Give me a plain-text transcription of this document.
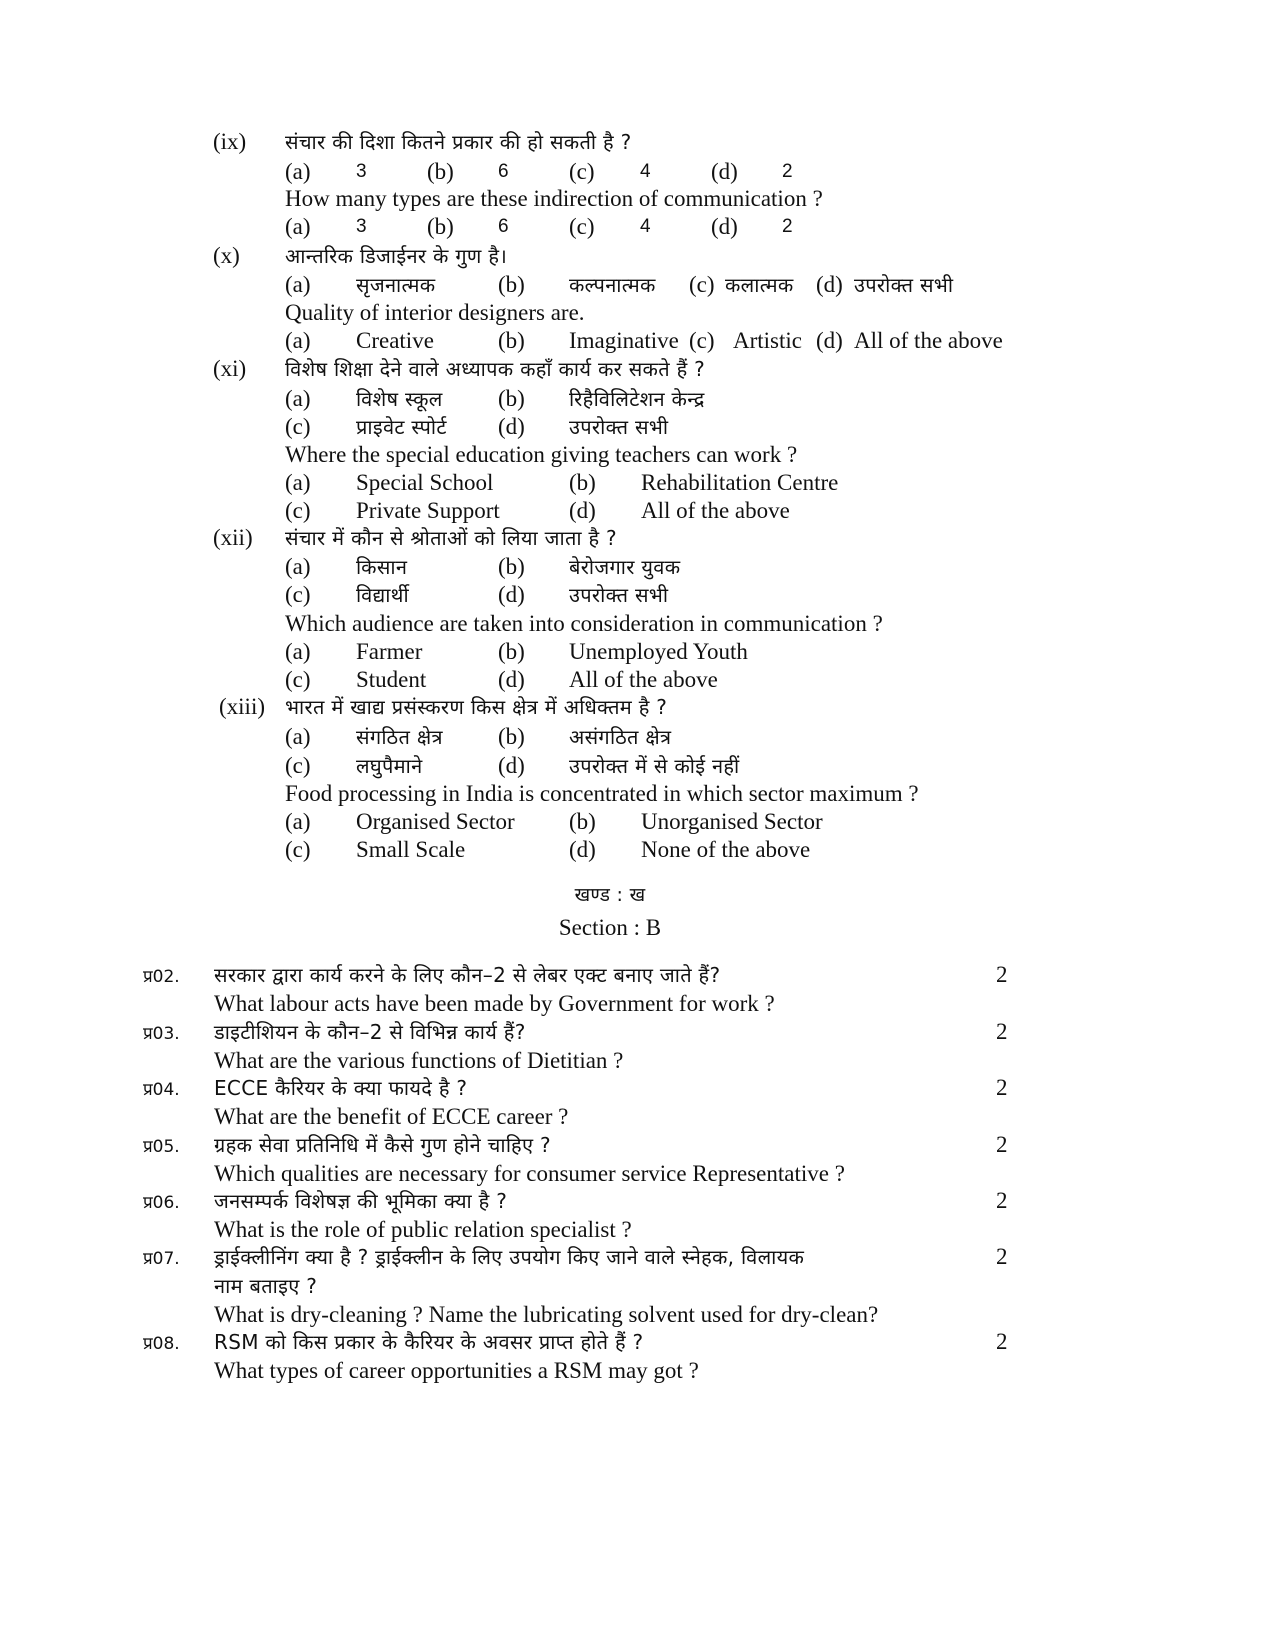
(ix) संचार की दिशा कितने प्रकार की हो सकती है ?
(a) 3	(b) 6	(c) 4	(d) 2
How many types are these indirection of communication ?
(a) 3	(b) 6	(c) 4	(d) 2
(x) आन्तरिक डिजाईनर के गुण है।
(a) सृजनात्मक	(b) कल्पनात्मक (c) कलात्मक (d) उपरोक्त सभी
Quality of interior designers are.
(a) Creative	(b) Imaginative (c) Artistic (d) All of the above
(xi) विशेष शिक्षा देने वाले अध्यापक कहाँ कार्य कर सकते हैं ?
(a) विशेष स्कूल (b) रिहैविलिटेशन केन्द्र
(c) प्राइवेट स्पोर्ट (d) उपरोक्त सभी
Where the special education giving teachers can work ?
(a) Special School	(b) Rehabilitation Centre
(c) Private Support	(d) All of the above
(xii) संचार में कौन से श्रोताओं को लिया जाता है ?
(a) किसान	(b) बेरोजगार युवक
(c) विद्यार्थी	(d) उपरोक्त सभी
Which audience are taken into consideration in communication ?
(a) Farmer	(b) Unemployed Youth
(c) Student	(d) All of the above
(xiii) भारत में खाद्य प्रसंस्करण किस क्षेत्र में अधिक्तम है ?
(a) संगठित क्षेत्र (b) असंगठित क्षेत्र
(c) लघुपैमाने	(d) उपरोक्त में से कोई नहीं
Food processing in India is concentrated in which sector maximum ?
(a) Organised Sector (b) Unorganised Sector
(c) Small Scale	(d) None of the above
खण्ड : ख
Section : B
प्र02. सरकार द्वारा कार्य करने के लिए कौन–2 से लेबर एक्ट बनाए जाते हैं?	2
What labour acts have been made by Government for work ?
प्र03. डाइटीशियन के कौन–2 से विभिन्न कार्य हैं?	2
What are the various functions of Dietitian ?
प्र04. ECCE कैरियर के क्या फायदे है ?	2
What are the benefit of ECCE career ?
प्र05. ग्रहक सेवा प्रतिनिधि में कैसे गुण होने चाहिए ?	2
Which qualities are necessary for consumer service Representative ?
प्र06. जनसम्पर्क विशेषज्ञ की भूमिका क्या है ?	2
What is the role of public relation specialist ?
प्र07. ड्राईक्लीनिंग क्या है ? ड्राईक्लीन के लिए उपयोग किए जाने वाले स्नेहक, विलायक	2
नाम बताइए ?
What is dry-cleaning ? Name the lubricating solvent used for dry-clean?
प्र08. RSM को किस प्रकार के कैरियर के अवसर प्राप्त होते हैं ?	2
What types of career opportunities a RSM may got ?
